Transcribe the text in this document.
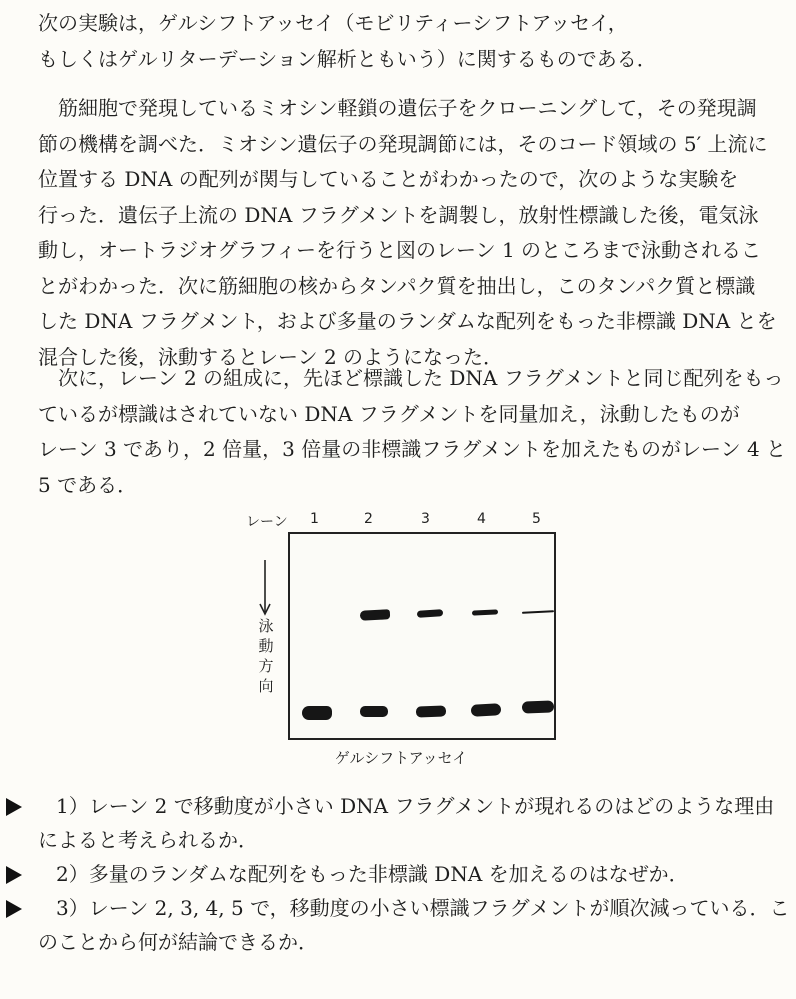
次の実験は，ゲルシフトアッセイ（モビリティーシフトアッセイ，
もしくはゲルリターデーション解析ともいう）に関するものである．
　筋細胞で発現しているミオシン軽鎖の遺伝子をクローニングして，その発現調
節の機構を調べた．ミオシン遺伝子の発現調節には，そのコード領域の 5′ 上流に
位置する DNA の配列が関与していることがわかったので，次のような実験を
行った．遺伝子上流の DNA フラグメントを調製し，放射性標識した後，電気泳
動し，オートラジオグラフィーを行うと図のレーン 1 のところまで泳動されるこ
とがわかった．次に筋細胞の核からタンパク質を抽出し，このタンパク質と標識
した DNA フラグメント，および多量のランダムな配列をもった非標識 DNA とを
混合した後，泳動するとレーン 2 のようになった．
　次に，レーン 2 の組成に，先ほど標識した DNA フラグメントと同じ配列をもっ
ているが標識はされていない DNA フラグメントを同量加え，泳動したものが
レーン 3 であり，2 倍量，3 倍量の非標識フラグメントを加えたものがレーン 4 と
5 である．
レーン 1	2	3	4	5
泳
動
方
向
ゲルシフトアッセイ
1）レーン 2 で移動度が小さい DNA フラグメントが現れるのはどのような理由
によると考えられるか．
2）多量のランダムな配列をもった非標識 DNA を加えるのはなぜか．
3）レーン 2, 3, 4, 5 で，移動度の小さい標識フラグメントが順次減っている．こ
のことから何が結論できるか．
